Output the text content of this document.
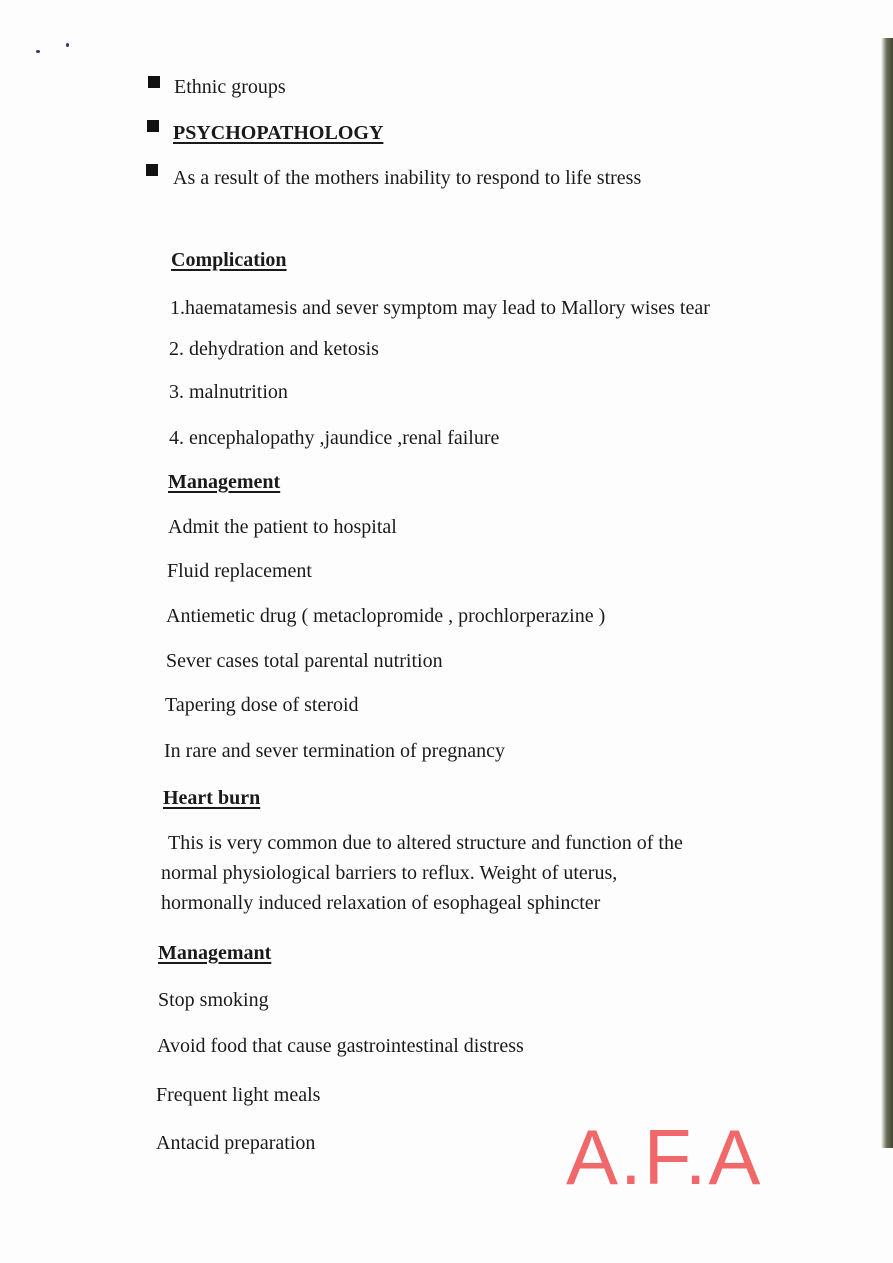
Ethnic groups
PSYCHOPATHOLOGY
As a result of the mothers inability to respond to life stress
Complication
1.haematamesis and sever symptom may lead to Mallory wises tear
2. dehydration and ketosis
3. malnutrition
4. encephalopathy ,jaundice ,renal failure
Management
Admit the patient to hospital
Fluid replacement
Antiemetic drug ( metaclopromide , prochlorperazine )
Sever cases total parental nutrition
Tapering dose of steroid
In rare and sever termination of pregnancy
Heart burn
This is very common due to altered structure and function of the
normal physiological barriers to reflux. Weight of uterus,
hormonally induced relaxation of esophageal sphincter
Managemant
Stop smoking
Avoid food that cause gastrointestinal distress
Frequent light meals
Antacid preparation	A.F.A
